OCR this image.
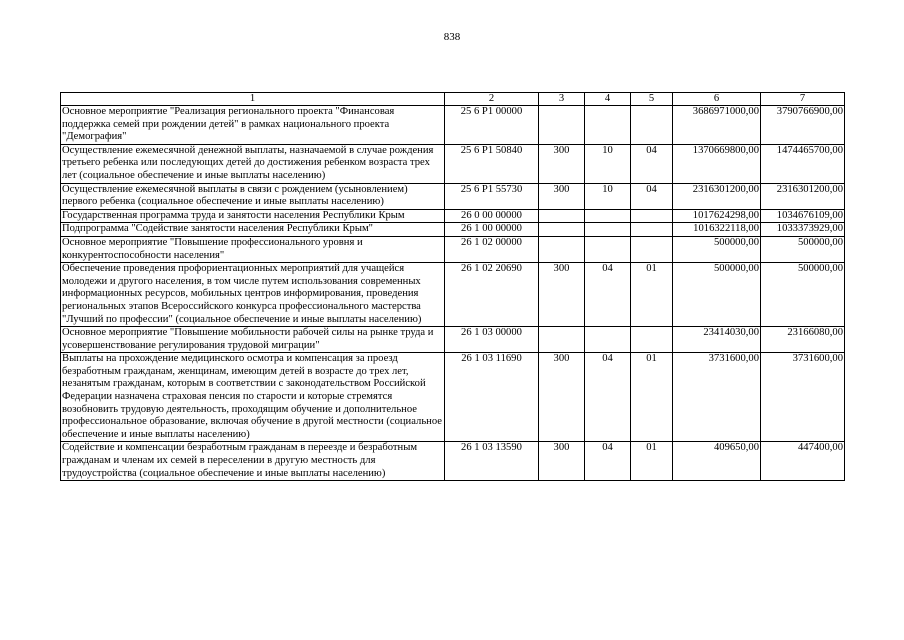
838
1	2	3	4	5	6	7
Основное мероприятие "Реализация регионального проекта "Финансовая поддержка семей при рождении детей" в рамках национального проекта "Демография"	25 6 P1 00000				3686971000,00	3790766900,00
Осуществление ежемесячной денежной выплаты, назначаемой в случае рождения третьего ребенка или последующих детей до достижения ребенком возраста трех лет (социальное обеспечение и иные выплаты населению)	25 6 P1 50840	300	10	04	1370669800,00	1474465700,00
Осуществление ежемесячной выплаты в связи с рождением (усыновлением) первого ребенка (социальное обеспечение и иные выплаты населению)	25 6 P1 55730	300	10	04	2316301200,00	2316301200,00
Государственная программа труда и занятости населения Республики Крым	26 0 00 00000				1017624298,00	1034676109,00
Подпрограмма "Содействие занятости населения Республики Крым"	26 1 00 00000				1016322118,00	1033373929,00
Основное мероприятие "Повышение профессионального уровня и конкурентоспособности населения"	26 1 02 00000				500000,00	500000,00
Обеспечение проведения профориентационных мероприятий для учащейся молодежи и другого населения, в том числе путем использования современных информационных ресурсов, мобильных центров информирования, проведения региональных этапов Всероссийского конкурса профессионального мастерства "Лучший по профессии" (социальное обеспечение и иные выплаты населению)	26 1 02 20690	300	04	01	500000,00	500000,00
Основное мероприятие "Повышение мобильности рабочей силы на рынке труда и усовершенствование регулирования трудовой миграции"	26 1 03 00000				23414030,00	23166080,00
Выплаты на прохождение медицинского осмотра и компенсация за проезд безработным гражданам, женщинам, имеющим детей в возрасте до трех лет, незанятым гражданам, которым в соответствии с законодательством Российской Федерации назначена страховая пенсия по старости и которые стремятся возобновить трудовую деятельность, проходящим обучение и дополнительное профессиональное образование, включая обучение в другой местности (социальное обеспечение и иные выплаты населению)	26 1 03 11690	300	04	01	3731600,00	3731600,00
Содействие и компенсации безработным гражданам в переезде и безработным гражданам и членам их семей в переселении в другую местность для трудоустройства (социальное обеспечение и иные выплаты населению)	26 1 03 13590	300	04	01	409650,00	447400,00
